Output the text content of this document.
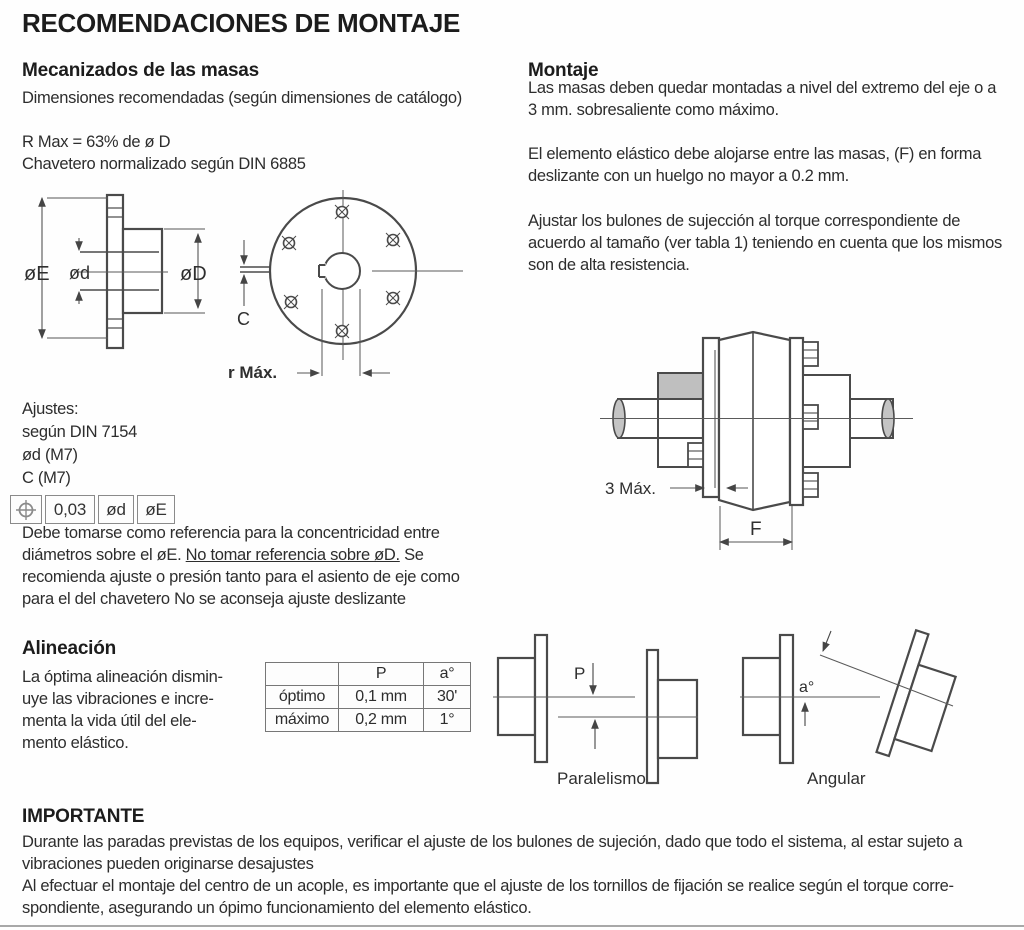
RECOMENDACIONES DE MONTAJE
Mecanizados de las masas
Dimensiones recomendadas (según dimensiones de catálogo)
R Max = 63% de ø D
Chavetero normalizado según DIN 6885
øE ød	øD
C
r Máx.
Ajustes:
según DIN 7154
ød (M7)
C (M7)
0,03	ød	øE

Debe tomarse como referencia para la concentricidad entre diámetros sobre el øE. No tomar referencia sobre øD. Se recomienda ajuste o presión tanto para el asiento de eje como para el del chavetero No se aconseja ajuste deslizante

Alineación
La óptima alineación dismin-
uye las vibraciones e incre-
menta la vida útil del ele-
mento elástico.
	P	a°
óptimo	0,1 mm	30'
máximo	0,2 mm	1°
Montaje

Las masas deben quedar montadas a nivel del extremo del eje o a 3 mm. sobresaliente como máximo.

El elemento elástico debe alojarse entre las masas, (F) en forma deslizante con un huelgo no mayor a 0.2 mm.

Ajustar los bulones de sujección al torque correspondiente de acuerdo al tamaño (ver tabla 1) teniendo en cuenta que los mismos son de alta resistencia.

3 Máx.
F
P
Paralelismo
a°
Angular
IMPORTANTE
Durante las paradas previstas de los equipos, verificar el ajuste de los bulones de sujeción, dado que todo el sistema, al estar sujeto a
vibraciones pueden originarse desajustes
Al efectuar el montaje del centro de un acople, es importante que el ajuste de los tornillos de fijación se realice según el torque corre-
spondiente, asegurando un ópimo funcionamiento del elemento elástico.
